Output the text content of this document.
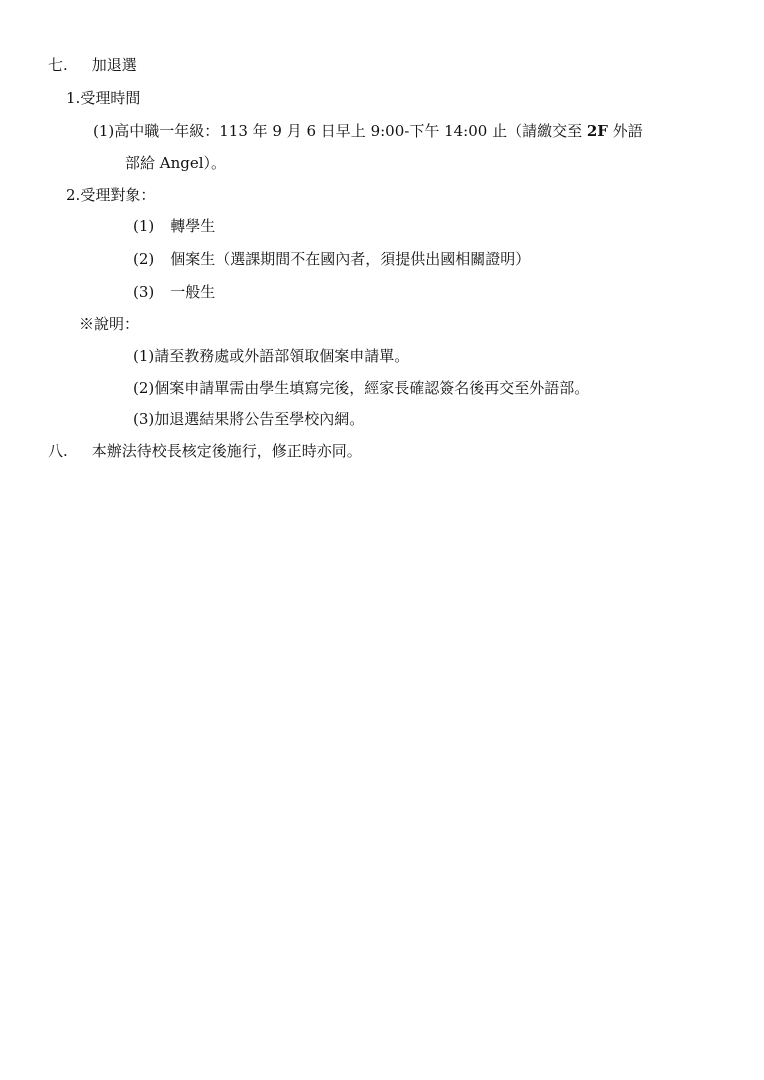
七. 加退選
1.受理時間
(1)高中職一年級：113 年 9 月 6 日早上 9:00-下午 14:00 止（請繳交至 2F 外語
部給 Angel）。
2.受理對象：
(1) 轉學生
(2) 個案生（選課期間不在國內者，須提供出國相關證明）
(3) 一般生
※說明：
(1)請至教務處或外語部領取個案申請單。
(2)個案申請單需由學生填寫完後，經家長確認簽名後再交至外語部。
(3)加退選結果將公告至學校內網。
八. 本辦法待校長核定後施行，修正時亦同。
